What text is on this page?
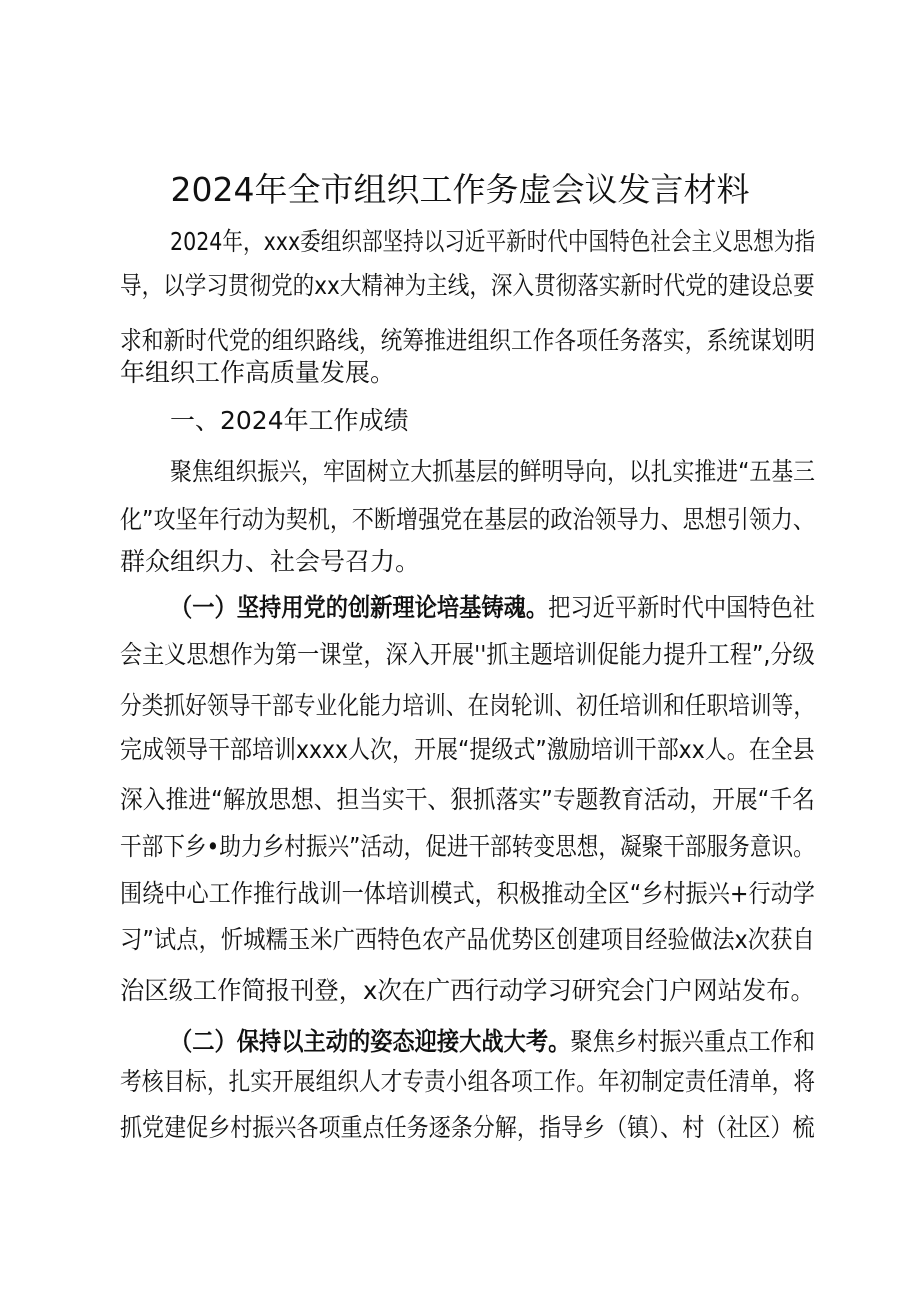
2024年全市组织工作务虚会议发言材料
2024年，xxx委组织部坚持以习近平新时代中国特色社会主义思想为指
导，以学习贯彻党的xx大精神为主线，深入贯彻落实新时代党的建设总要
求和新时代党的组织路线，统筹推进组织工作各项任务落实，系统谋划明
年组织工作高质量发展。
一、2024年工作成绩
聚焦组织振兴，牢固树立大抓基层的鲜明导向，以扎实推进“五基三
化”攻坚年行动为契机，不断增强党在基层的政治领导力、思想引领力、
群众组织力、社会号召力。
（一）坚持用党的创新理论培基铸魂。把习近平新时代中国特色社
会主义思想作为第一课堂，深入开展''抓主题培训促能力提升工程”,分级
分类抓好领导干部专业化能力培训、在岗轮训、初任培训和任职培训等，
完成领导干部培训xxxx人次，开展“提级式”激励培训干部xx人。在全县
深入推进“解放思想、担当实干、狠抓落实”专题教育活动，开展“千名
干部下乡•助力乡村振兴”活动，促进干部转变思想，凝聚干部服务意识。
围绕中心工作推行战训一体培训模式，积极推动全区“乡村振兴+行动学
习”试点，忻城糯玉米广西特色农产品优势区创建项目经验做法x次获自
治区级工作简报刊登，x次在广西行动学习研究会门户网站发布。
（二）保持以主动的姿态迎接大战大考。聚焦乡村振兴重点工作和
考核目标，扎实开展组织人才专责小组各项工作。年初制定责任清单，将
抓党建促乡村振兴各项重点任务逐条分解，指导乡（镇）、村（社区）梳
